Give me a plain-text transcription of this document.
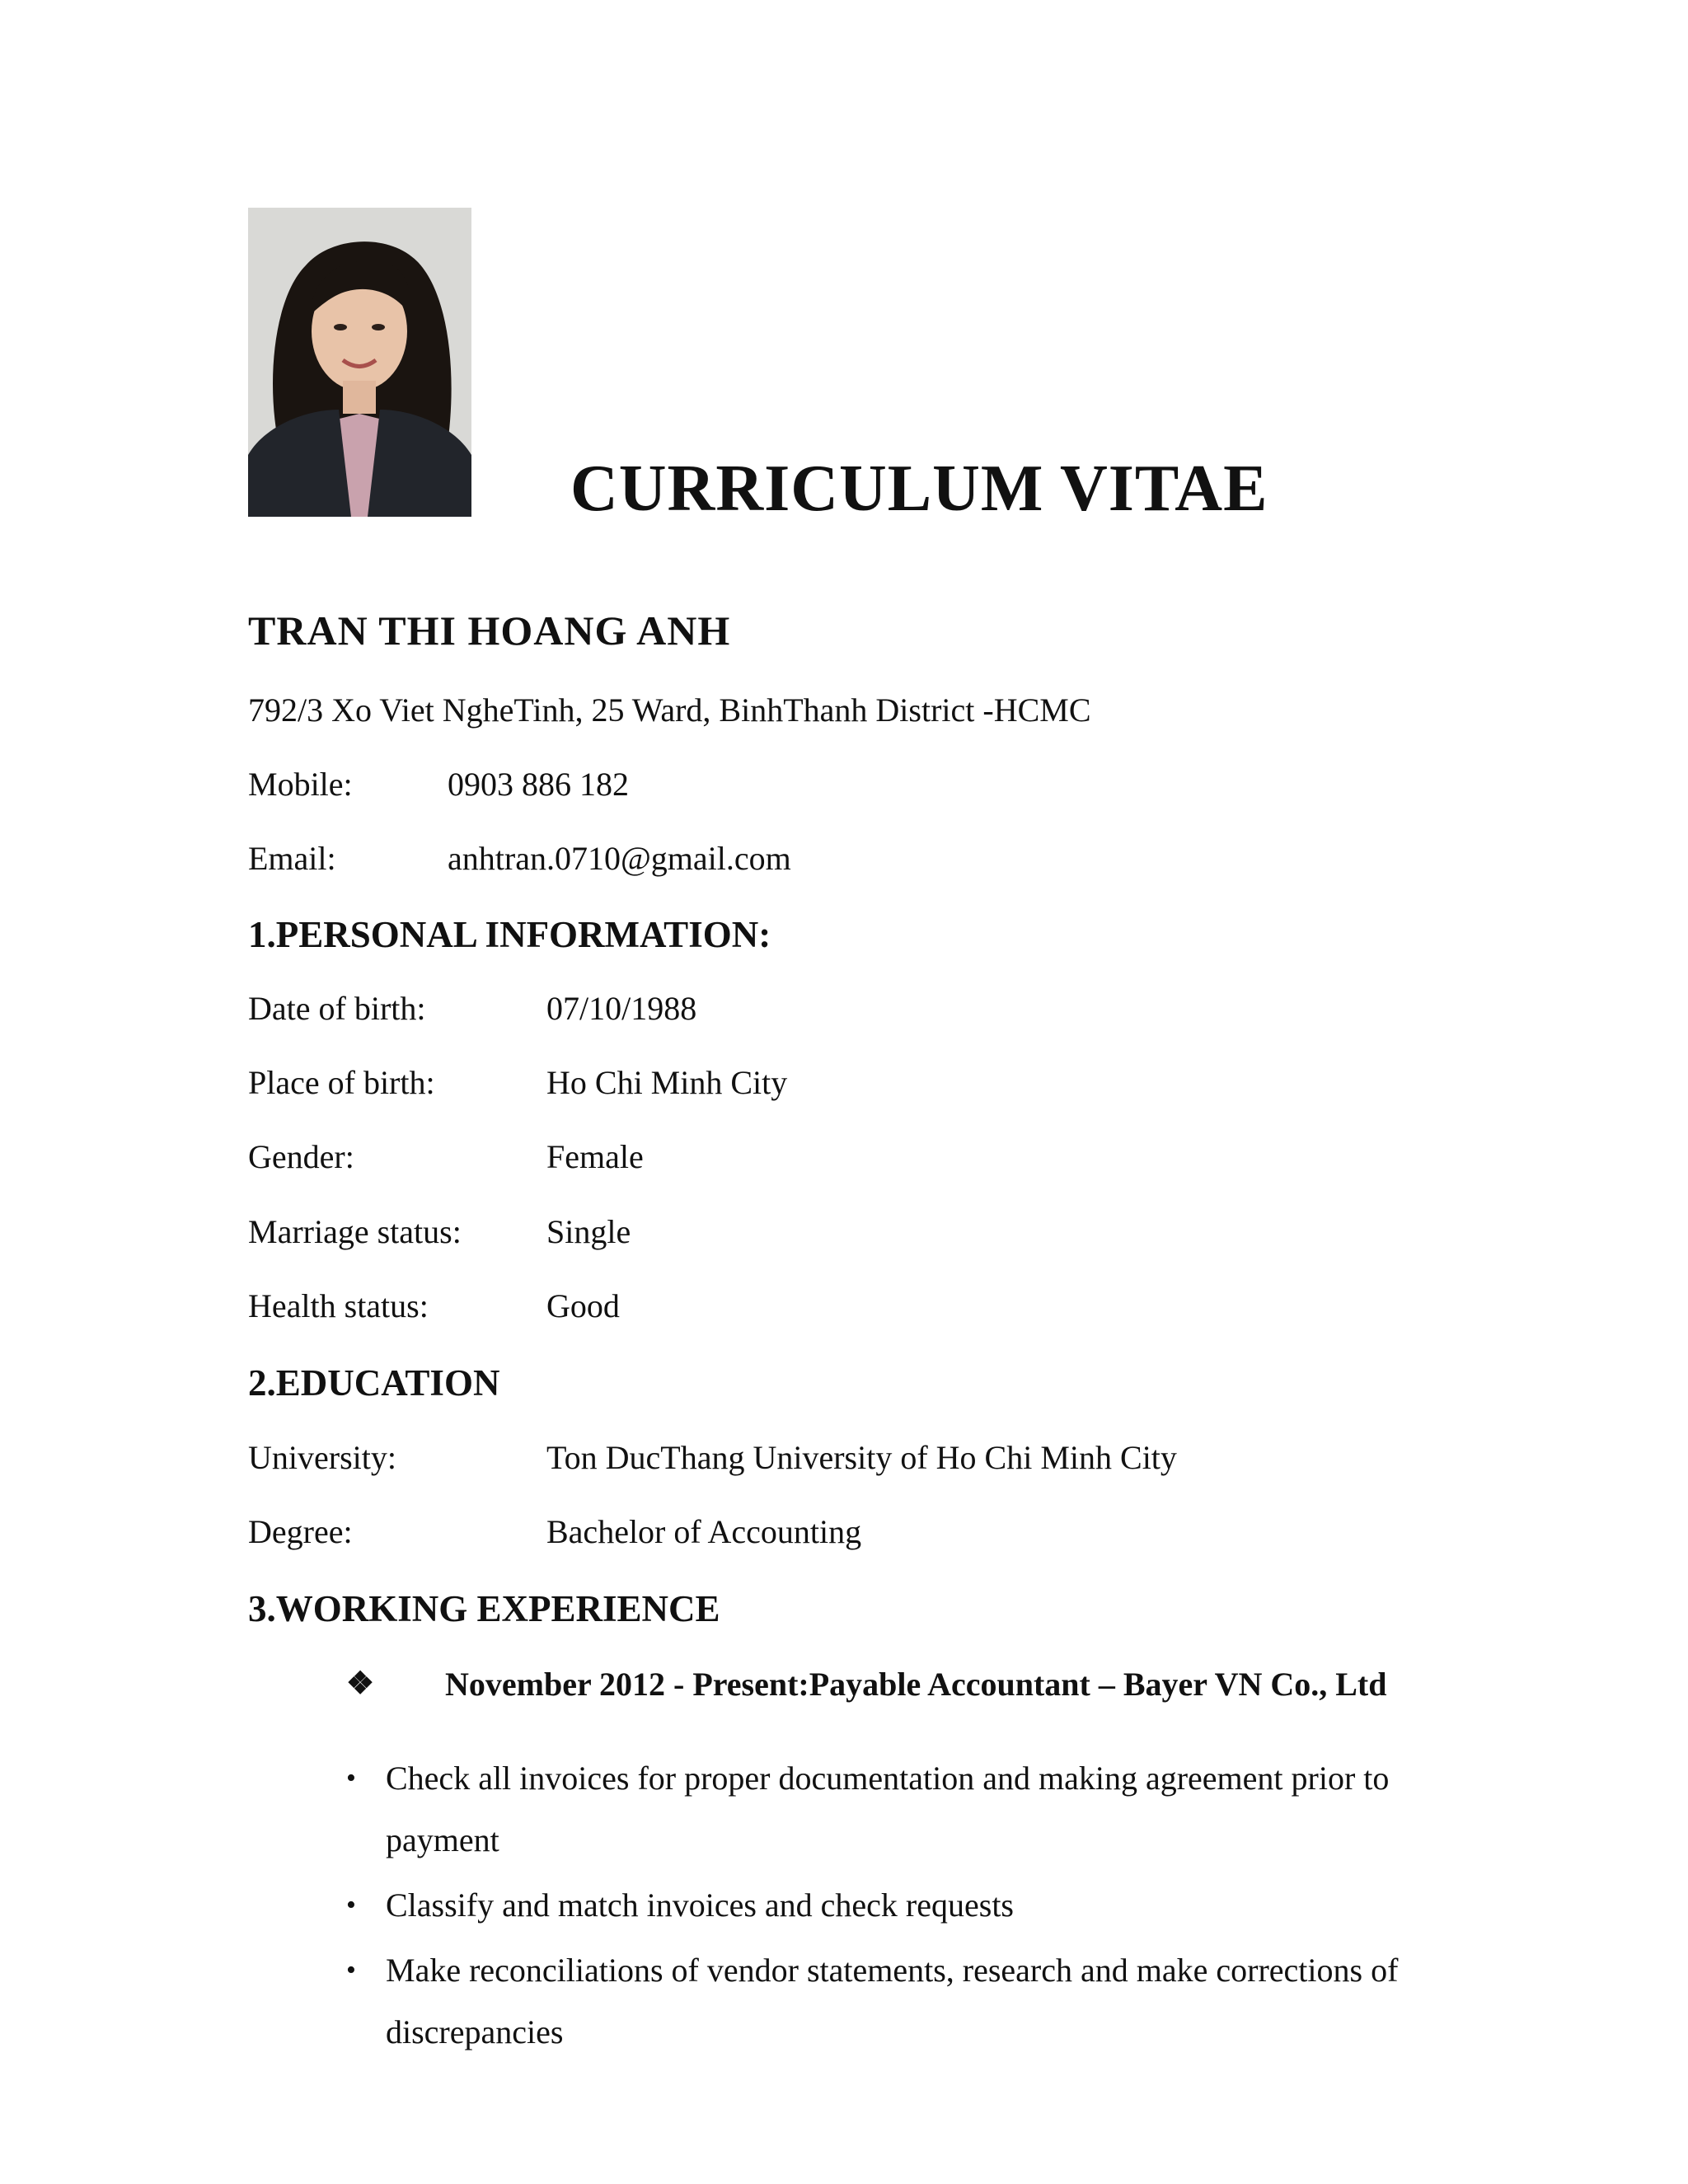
CURRICULUM VITAE
TRAN THI HOANG ANH
792/3 Xo Viet NgheTinh, 25 Ward, BinhThanh District -HCMC
Mobile:	0903 886 182
Email:	anhtran.0710@gmail.com
1.PERSONAL INFORMATION:
Date of birth:	07/10/1988
Place of birth:	Ho Chi Minh City
Gender:	Female
Marriage status:	Single
Health status:	Good
2.EDUCATION
University:	Ton DucThang University of Ho Chi Minh City
Degree:	Bachelor of Accounting
3.WORKING EXPERIENCE
❖ November 2012 - Present:Payable Accountant – Bayer VN Co., Ltd
• Check all invoices for proper documentation and making agreement prior to payment
• Classify and match invoices and check requests
• Make reconciliations of vendor statements, research and make corrections of discrepancies
